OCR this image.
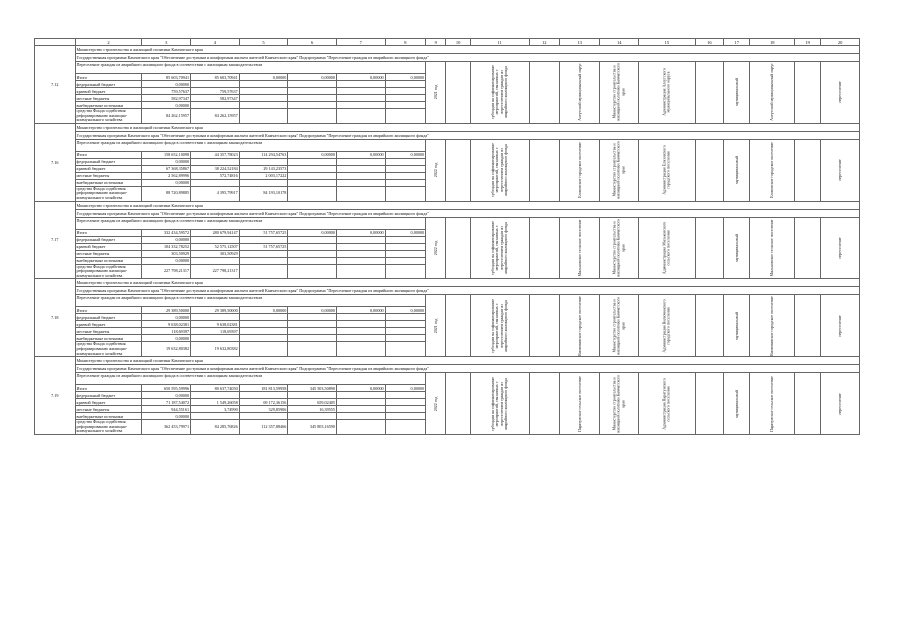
	2	3	4	5	6	7	8	9	10	11	12	13	14	15	16	17	18	19	20
7.12	Министерство строительства и жилищной политики Камчатского края																		
	Государственная программа Камчатского края "Обеспечение доступным и комфортным жильем жителей Камчатского края" Подпрограмма "Переселение граждан из аварийного жилищного фонда"																		
	Переселение граждан из аварийного жилищного фонда в соответствии с жилищным законодательством							2021 год		субсидии на софинансирование мероприятий, связанных с переселением граждан из аварийного жилищного фонда		Алеутский муниципальный округ	Министерство строительства и жилищной политики Камчатского края	Администрация Алеутского муниципального округа		муниципальный	Алеутский муниципальный округ		переселение

	Итого	85 603,70941	85 603,70941	0,00000	0,00000	0,00000	0,00000												
	федеральный бюджет	0,00000																	
	краевой бюджет	759,57637	759,57637																
	местные бюджеты	582,97347	582,97347																
	внебюджетные источники	0,00000																	
	средства Фонда содействия реформированию жилищно-коммунального хозяйства	84 262,15957	84 262,15957																
7.16	Министерство строительства и жилищной политики Камчатского края																		
	Государственная программа Камчатского края "Обеспечение доступным и комфортным жильем жителей Камчатского края" Подпрограмма "Переселение граждан из аварийного жилищного фонда"																		
	Переселение граждан из аварийного жилищного фонда в соответствии с жилищным законодательством							2022 год		субсидии на софинансирование мероприятий, связанных с переселением граждан из аварийного жилищного фонда		Елизовское городское поселение	Министерство строительства и жилищной политики Камчатского края	Администрация Елизовского городского поселения		муниципальный	Елизовское городское поселение		переселение

	Итого	158 652,10098	44 357,78023	114 294,54763	0,00000	0,00000	0,00000												
	федеральный бюджет	0,00000																	
	краевой бюджет	67 368,35867	38 224,52184	29 143,23573															
	местные бюджеты	2 562,89996	572,74816	2 003,17222															
	внебюджетные источники	0,00000																	
	средства Фонда содействия реформированию жилищно-коммунального хозяйства	88 720,89885	4 395,79917	84 193,10178															
7.17	Министерство строительства и жилищной политики Камчатского края																		
	Государственная программа Камчатского края "Обеспечение доступным и комфортным жильем жителей Камчатского края" Подпрограмма "Переселение граждан из аварийного жилищного фонда"																		
	Переселение граждан из аварийного жилищного фонда в соответствии с жилищным законодательством							2022 год		субсидии на софинансирование мероприятий, связанных с переселением граждан из аварийного жилищного фонда		Мильковское сельское поселение	Министерство строительства и жилищной политики Камчатского края	Администрация Мильковского сельского поселения		муниципальный	Мильковское сельское поселение		переселение

	Итого	332 434,59572	280 679,94147	51 757,65725	0,00000	0,00000	0,00000												
	федеральный бюджет	0,00000																	
	краевой бюджет	104 332,78252	52 575,12507	51 757,65725															
	местные бюджеты	303,50929	303,50929																
	внебюджетные источники	0,00000																	
	средства Фонда содействия реформированию жилищно-коммунального хозяйства	227 798,21317	227 798,21317																
7.18	Министерство строительства и жилищной политики Камчатского края																		
	Государственная программа Камчатского края "Обеспечение доступным и комфортным жильем жителей Камчатского края" Подпрограмма "Переселение граждан из аварийного жилищного фонда"																		
	Переселение граждан из аварийного жилищного фонда в соответствии с жилищным законодательством							2021 год		субсидии на софинансирование мероприятий, связанных с переселением граждан из аварийного жилищного фонда		Вилючинское городское поселение	Министерство строительства и жилищной политики Камчатского края	Администрация Вилючинского городского поселения		муниципальный	Вилючинское городское поселение		переселение

	Итого	29 389,50000	29 389,50000	0,00000	0,00000	0,00000	0,00000												
	федеральный бюджет	0,00000																	
	краевой бюджет	9 638,02381	9 638,02381																
	местные бюджеты	118,69397	118,69397																
	внебюджетные источники	0,00000																	
	средства Фонда содействия реформированию жилищно-коммунального хозяйства	19 632,80382	19 632,80382																
7.19	Министерство строительства и жилищной политики Камчатского края																		
	Государственная программа Камчатского края "Обеспечение доступным и комфортным жильем жителей Камчатского края" Подпрограмма "Переселение граждан из аварийного жилищного фонда"																		
	Переселение граждан из аварийного жилищного фонда в соответствии с жилищным законодательством							2022 год		субсидии на софинансирование мероприятий, связанных с переселением граждан из аварийного жилищного фонда		Паратунское сельское поселение	Министерство строительства и жилищной политики Камчатского края	Администрация Паратунского сельского поселения		муниципальный	Паратунское сельское поселение		переселение

	Итого	650 595,59996	80 637,74050	181 813,59958	345 503,50890	0,00000	0,00000												
	федеральный бюджет	0,00000																	
	краевой бюджет	71 187,54072	1 549,26058	69 172,36156	659,02405														
	местные бюджеты	944,55161	3,74990	329,85906	16,39555														
	внебюджетные источники	0,00000																	
	средства Фонда содействия реформированию жилищно-коммунального хозяйства	362 453,79971	84 285,76826	112 357,88466	345 803,16590														
